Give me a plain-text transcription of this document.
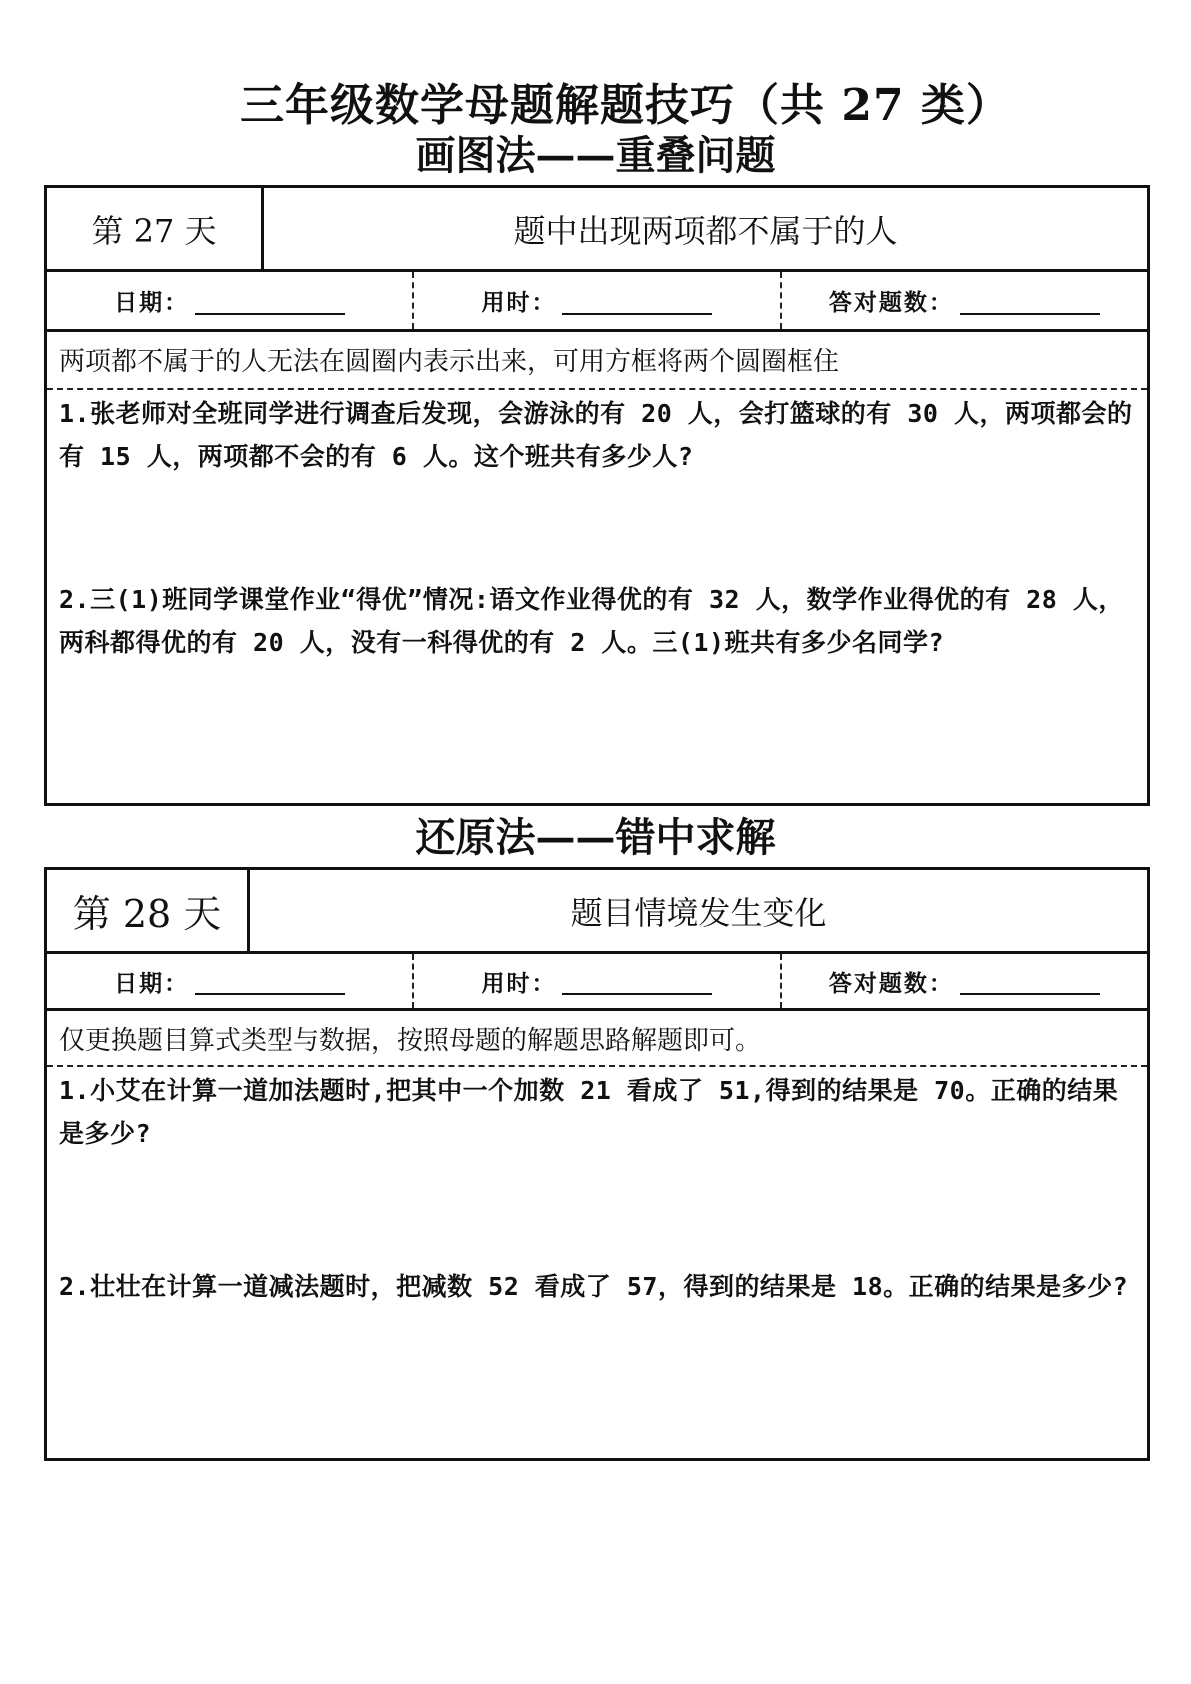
三年级数学母题解题技巧（共 27 类）
画图法——重叠问题
第 27 天	题中出现两项都不属于的人
日期：	用时：	答对题数：
两项都不属于的人无法在圆圈内表示出来，可用方框将两个圆圈框住
1.张老师对全班同学进行调查后发现，会游泳的有 20 人，会打篮球的有 30 人，两项都会的有 15 人，两项都不会的有 6 人。这个班共有多少人?
2.三(1)班同学课堂作业“得优”情况:语文作业得优的有 32 人，数学作业得优的有 28 人，两科都得优的有 20 人，没有一科得优的有 2 人。三(1)班共有多少名同学?
还原法——错中求解
第 28 天	题目情境发生变化
日期：	用时：	答对题数：
仅更换题目算式类型与数据，按照母题的解题思路解题即可。
1.小艾在计算一道加法题时,把其中一个加数 21 看成了 51,得到的结果是 70。正确的结果是多少?
2.壮壮在计算一道减法题时，把减数 52 看成了 57，得到的结果是 18。正确的结果是多少?
